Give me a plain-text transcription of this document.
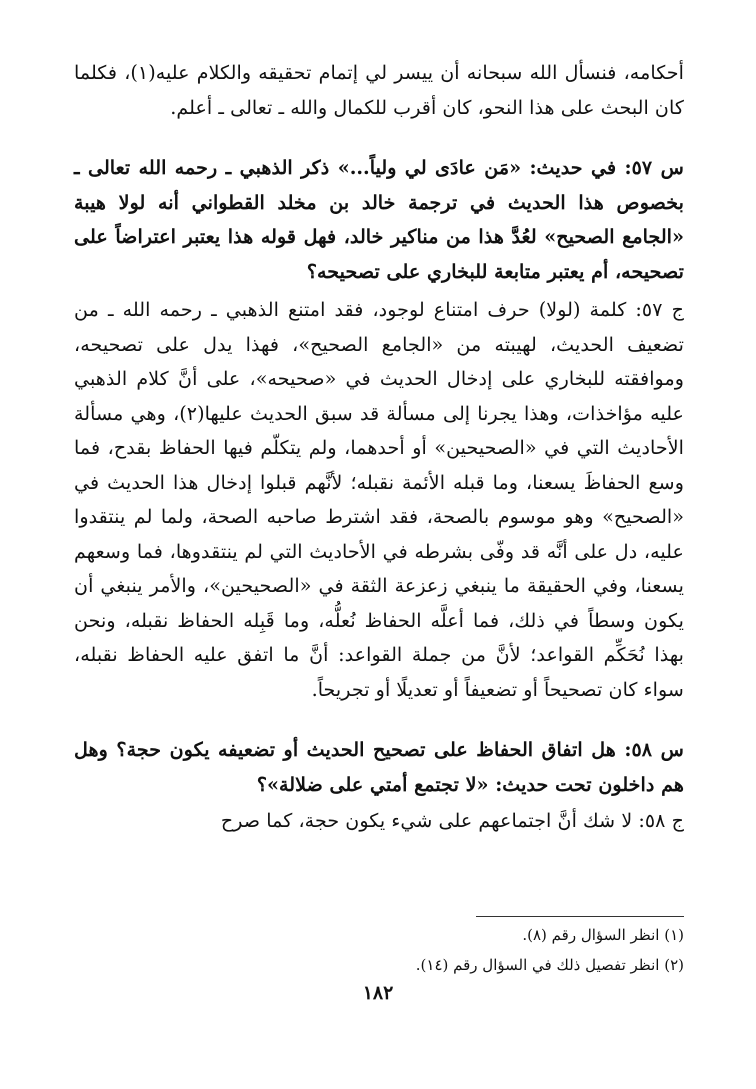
أحكامه، فنسأل الله سبحانه أن ييسر لي إتمام تحقيقه والكلام عليه(١)، فكلما كان البحث على هذا النحو، كان أقرب للكمال والله ـ تعالى ـ أعلم.

س ٥٧: في حديث: «مَن عادَى لي ولياً...» ذكر الذهبي ـ رحمه الله تعالى ـ بخصوص هذا الحديث في ترجمة خالد بن مخلد القطواني أنه لولا هيبة «الجامع الصحيح» لعُدَّ هذا من مناكير خالد، فهل قوله هذا يعتبر اعتراضاً على تصحيحه، أم يعتبر متابعة للبخاري على تصحيحه؟

ج ٥٧: كلمة (لولا) حرف امتناع لوجود، فقد امتنع الذهبي ـ رحمه الله ـ من تضعيف الحديث، لهيبته من «الجامع الصحيح»، فهذا يدل على تصحيحه، وموافقته للبخاري على إدخال الحديث في «صحيحه»، على أنَّ كلام الذهبي عليه مؤاخذات، وهذا يجرنا إلى مسألة قد سبق الحديث عليها(٢)، وهي مسألة الأحاديث التي في «الصحيحين» أو أحدهما، ولم يتكلّم فيها الحفاظ بقدح، فما وسع الحفاظَ يسعنا، وما قبله الأئمة نقبله؛ لأنَّهم قبلوا إدخال هذا الحديث في «الصحيح» وهو موسوم بالصحة، فقد اشترط صاحبه الصحة، ولما لم ينتقدوا عليه، دل على أنَّه قد وفّى بشرطه في الأحاديث التي لم ينتقدوها، فما وسعهم يسعنا، وفي الحقيقة ما ينبغي زعزعة الثقة في «الصحيحين»، والأمر ينبغي أن يكون وسطاً في ذلك، فما أعلَّه الحفاظ نُعلُّه، وما قَبِله الحفاظ نقبله، ونحن بهذا نُحَكِّم القواعد؛ لأنَّ من جملة القواعد: أنَّ ما اتفق عليه الحفاظ نقبله، سواء كان تصحيحاً أو تضعيفاً أو تعديلًا أو تجريحاً.

س ٥٨: هل اتفاق الحفاظ على تصحيح الحديث أو تضعيفه يكون حجة؟ وهل هم داخلون تحت حديث: «لا تجتمع أمتي على ضلالة»؟

ج ٥٨: لا شك أنَّ اجتماعهم على شيء يكون حجة، كما صرح

(١) انظر السؤال رقم (٨).

(٢) انظر تفصيل ذلك في السؤال رقم (١٤).

١٨٢
